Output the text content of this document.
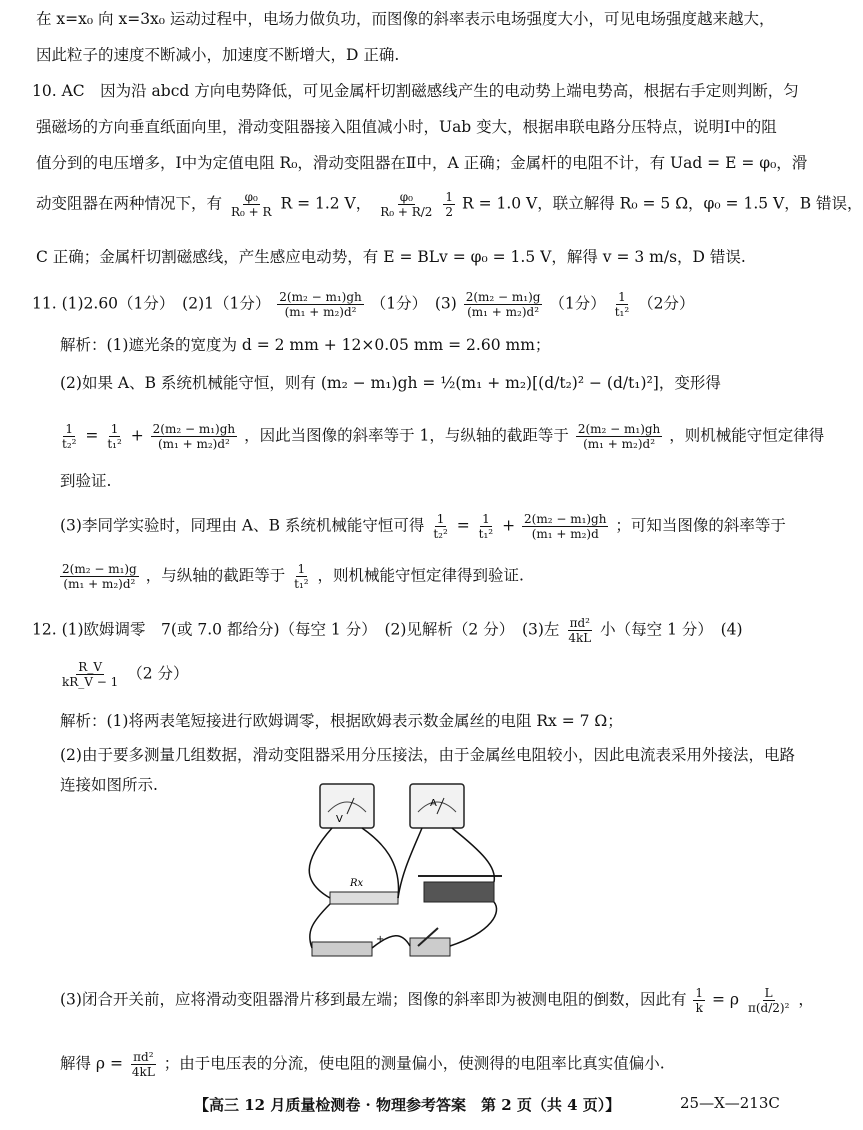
在 x=x₀ 向 x=3x₀ 运动过程中，电场力做负功，而图像的斜率表示电场强度大小，可见电场强度越来越大，
因此粒子的速度不断减小，加速度不断增大，D 正确.
10. AC　因为沿 abcd 方向电势降低，可见金属杆切割磁感线产生的电动势上端电势高，根据右手定则判断，匀
强磁场的方向垂直纸面向里，滑动变阻器接入阻值减小时，Uab 变大，根据串联电路分压特点，说明Ⅰ中的阻
值分到的电压增多，Ⅰ中为定值电阻 R₀，滑动变阻器在Ⅱ中，A 正确；金属杆的电阻不计，有 Uad = E = φ₀，滑
动变阻器在两种情况下，有 $\frac{\text{φ₀}}{\text{R₀ + R}}$ R = 1.2 V， $\frac{\text{φ₀}}{\text{R₀ + R/2}}$
$\frac{1}{2}$ R = 1.0 V，联立解得 R₀ = 5 Ω，φ₀ = 1.5 V，B 错误，
C 正确；金属杆切割磁感线，产生感应电动势，有 E = BLv = φ₀ = 1.5 V，解得 v = 3 m/s，D 错误.
11. (1)2.60（1分）　(2)1（1分） $\frac{\text{2(m₂ − m₁)gh}}{\text{(m₁ + m₂)d²}} (1$分）　$(3) \frac{\text{2(m₂ − m₁)g}}{\text{(m₁ + m₂)d²}} (1$分） $\frac{1}{\text{t₁²}} (2$分）
解析：(1)遮光条的宽度为 d = 2 mm + 12×0.05 mm = 2.60 mm；
(2)如果 A、B 系统机械能守恒，则有 (m₂ − m₁)gh = ½(m₁ + m₂)[(d/t₂)² − (d/t₁)²]，变形得
$\frac{1}{\text{t₂²}} = \frac{1}{\text{t₁²}} + \frac{\text{2(m₂ − m₁)gh}}{\text{(m₁ + m₂)d²}}$ ，因此当图像的斜率等于 1，与纵轴的截距等于 $\frac{\text{2(m₂ − m₁)gh}}{\text{(m₁ + m₂)d²}}$ ，则机械能守恒定律得
到验证.
(3)李同学实验时，同理由 A、B 系统机械能守恒可得 $\frac{1}{\text{t₂²}} = \frac{1}{\text{t₁²}} + \frac{\text{2(m₂ − m₁)gh}}{\text{(m₁ + m₂)d}}$ ；可知当图像的斜率等于
$\frac{\text{2(m₂ − m₁)g}}{\text{(m₁ + m₂)d²}}$ ，与纵轴的截距等于 $\frac{1}{\text{t₁²}}$ ，则机械能守恒定律得到验证.
12. (1)欧姆调零　7(或 7.0 都给分)（每空 1 分）　(2)见解析（2 分）　(3)左 $\frac{\text{πd²}}{4kL}$ 小（每空 1 分）　(4)
$\frac{R\_V}{kR\_V - 1} (2$ 分）
解析：(1)将两表笔短接进行欧姆调零，根据欧姆表示数金属丝的电阻 Rx = 7 Ω；
(2)由于要多测量几组数据，滑动变阻器采用分压接法，由于金属丝电阻较小，因此电流表采用外接法，电路
连接如图所示.
V
A
Rx
+
(3)闭合开关前，应将滑动变阻器滑片移到最左端；图像的斜率即为被测电阻的倒数，因此有 $\frac{1}{k} = \rho \frac{L}{\text{π(d/2)²}}$ ，
解得 $\rho = \frac{\text{πd²}}{4kL}$ ；由于电压表的分流，使电阻的测量偏小，使测得的电阻率比真实值偏小.
【高三 12 月质量检测卷 · 物理参考答案　第 2 页（共 4 页）】	25—X—213C
